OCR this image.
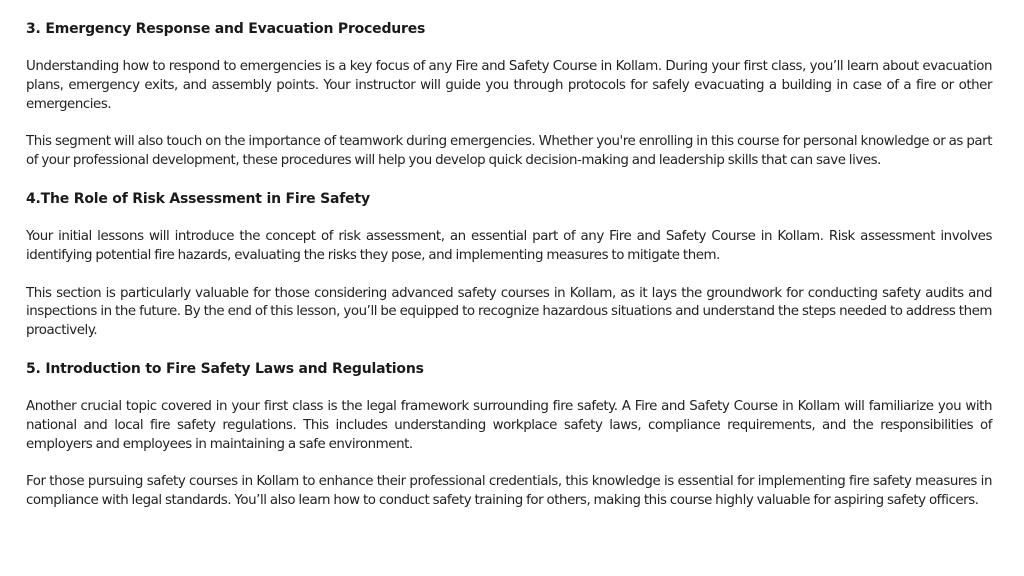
3. Emergency Response and Evacuation Procedures

Understanding how to respond to emergencies is a key focus of any Fire and Safety Course in Kollam. During your first class, you’ll learn about evacuation plans, emergency exits, and assembly points. Your instructor will guide you through protocols for safely evacuating a building in case of a fire or other emergencies.

This segment will also touch on the importance of teamwork during emergencies. Whether you're enrolling in this course for personal knowledge or as part of your professional development, these procedures will help you develop quick decision-making and leadership skills that can save lives.

4.The Role of Risk Assessment in Fire Safety

Your initial lessons will introduce the concept of risk assessment, an essential part of any Fire and Safety Course in Kollam. Risk assessment involves identifying potential fire hazards, evaluating the risks they pose, and implementing measures to mitigate them.

This section is particularly valuable for those considering advanced safety courses in Kollam, as it lays the groundwork for conducting safety audits and inspections in the future. By the end of this lesson, you’ll be equipped to recognize hazardous situations and understand the steps needed to address them proactively.

5. Introduction to Fire Safety Laws and Regulations

Another crucial topic covered in your first class is the legal framework surrounding fire safety. A Fire and Safety Course in Kollam will familiarize you with national and local fire safety regulations. This includes understanding workplace safety laws, compliance requirements, and the responsibilities of employers and employees in maintaining a safe environment.

For those pursuing safety courses in Kollam to enhance their professional credentials, this knowledge is essential for implementing fire safety measures in compliance with legal standards. You’ll also learn how to conduct safety training for others, making this course highly valuable for aspiring safety officers.
